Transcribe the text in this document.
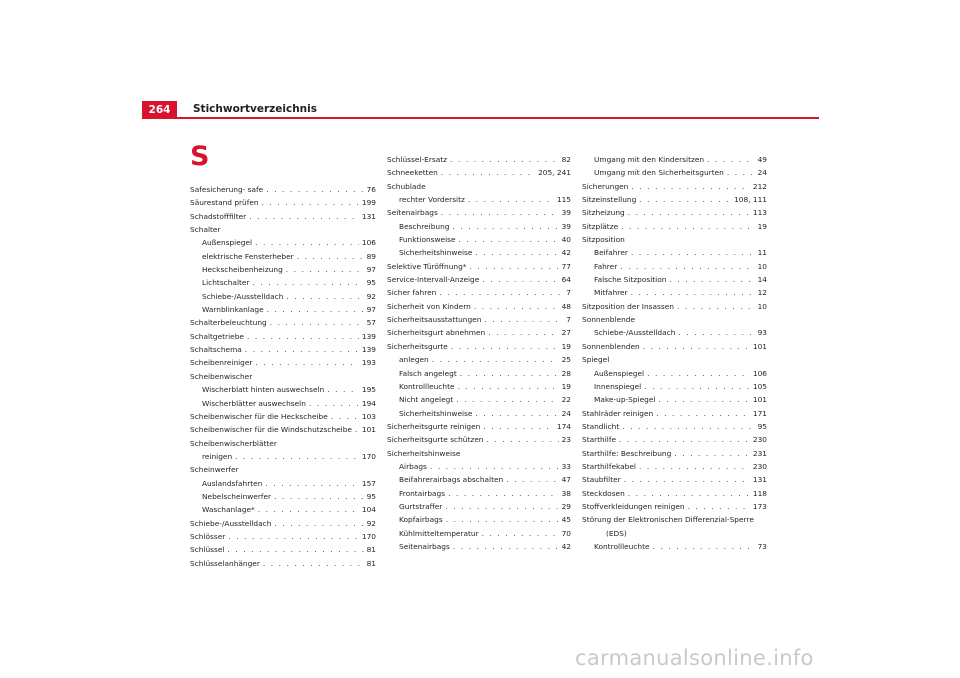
264	Stichwortverzeichnis
S
Safesicherung- safe . . .	76
Säurestand prüfen . . .	199
Schadstofffilter . . .	131
Schalter
Außenspiegel . . .	106
elektrische Fensterheber . . .	89
Heckscheibenheizung . . .	97
Lichtschalter . . .	95
Schiebe-/Ausstelldach . . .	92
Warnblinkanlage . . .	97
Schalterbeleuchtung . . .	57
Schaltgetriebe . . .	139
Schaltschema . . .	139
Scheibenreiniger . . .	193
Scheibenwischer
Wischerblatt hinten auswechseln . . .	195
Wischerblätter auswechseln . . .	194
Scheibenwischer für die Heckscheibe . . .	103
Scheibenwischer für die Windschutzscheibe . . . 101
Scheibenwischerblätter
reinigen . . .	170
Scheinwerfer
Auslandsfahrten . . .	157
Nebelscheinwerfer . . .	95
Waschanlage* . . .	104
Schiebe-/Ausstelldach . . .	92
Schlösser . . .	170
Schlüssel . . .	81
Schlüsselanhänger . . .	81
Schlüssel-Ersatz . . .	82
Schneeketten . . .	205, 241
Schublade
rechter Vordersitz . . .	115
Seitenairbags . . .	39
Beschreibung . . .	39
Funktionsweise . . .	40
Sicherheitshinweise . . .	42
Selektive Türöffnung* . . .	77
Service-Intervall-Anzeige . . .	64
Sicher fahren . . .	7
Sicherheit von Kindern . . .	48
Sicherheitsausstattungen . . .	7
Sicherheitsgurt abnehmen . . .	27
Sicherheitsgurte . . .	19
anlegen . . .	25
Falsch angelegt . . .	28
Kontrollleuchte . . .	19
Nicht angelegt . . .	22
Sicherheitshinweise . . .	24
Sicherheitsgurte reinigen . . .	174
Sicherheitsgurte schützen . . .	23
Sicherheitshinweise
Airbags . . .	33
Beifahrerairbags abschalten . . .	47
Frontairbags . . .	38
Gurtstraffer . . .	29
Kopfairbags . . .	45
Kühlmitteltemperatur . . .	70
Seitenairbags . . .	42
Umgang mit den Kindersitzen . . .	49
Umgang mit den Sicherheitsgurten . . .	24
Sicherungen . . .	212
Sitzeinstellung . . .	108, 111
Sitzheizung . . .	113
Sitzplätze . . .	19
Sitzposition
Beifahrer . . .	11
Fahrer . . .	10
Falsche Sitzposition . . .	14
Mitfahrer . . .	12
Sitzposition der Insassen . . .	10
Sonnenblende
Schiebe-/Ausstelldach . . .	93
Sonnenblenden . . .	101
Spiegel
Außenspiegel . . .	106
Innenspiegel . . .	105
Make-up-Spiegel . . .	101
Stahlräder reinigen . . .	171
Standlicht . . .	95
Starthilfe . . .	230
Starthilfe: Beschreibung . . .	231
Starthilfekabel . . .	230
Staubfilter . . .	131
Steckdosen . . .	118
Stoffverkleidungen reinigen . . .	173
Störung der Elektronischen Differenzial-Sperre
(EDS)
Kontrollleuchte . . .	73
carmanualsonline.info
